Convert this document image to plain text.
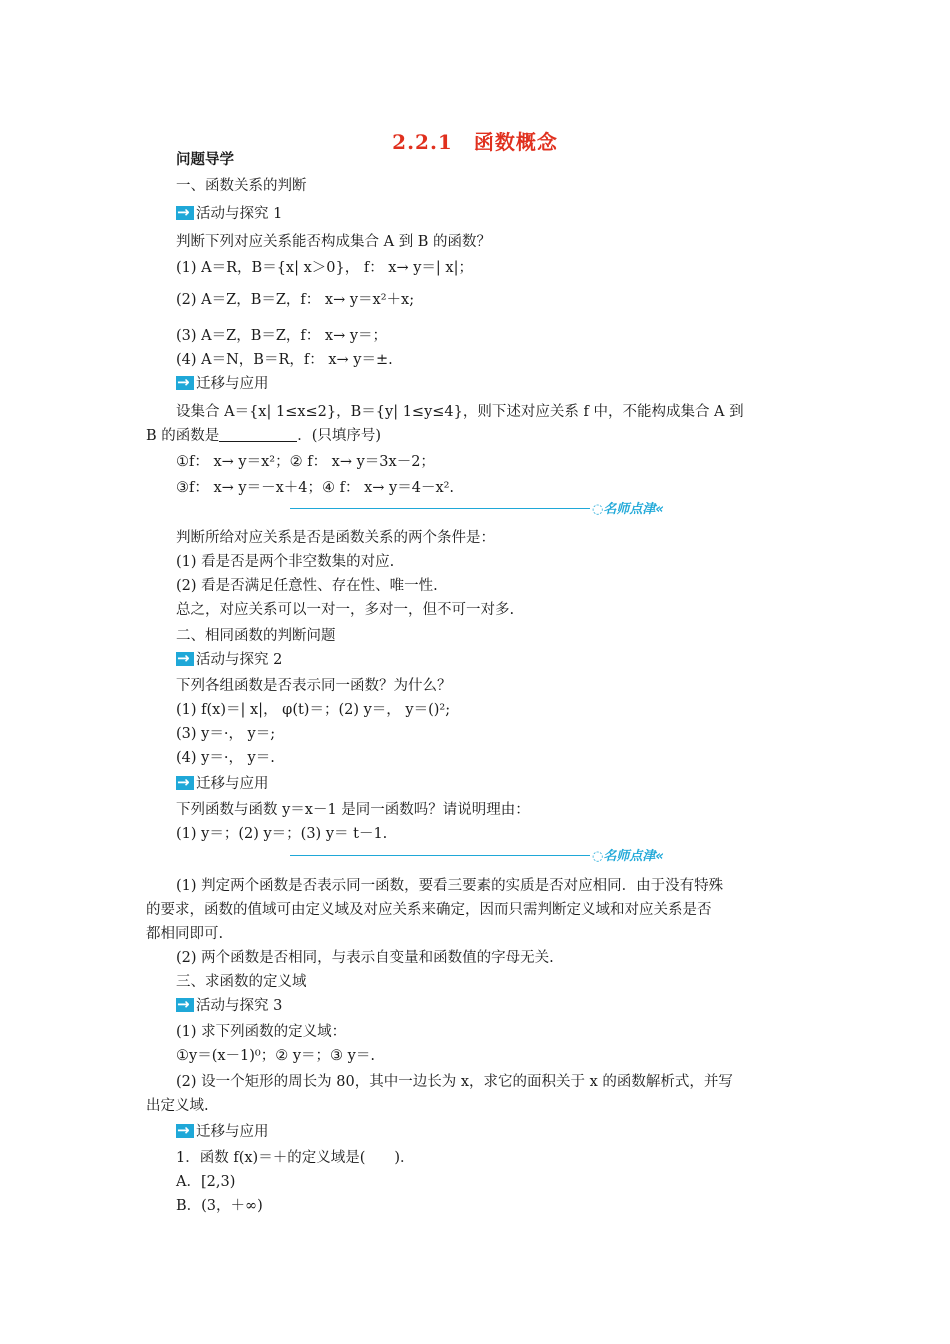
2.2.1　函数概念
问题导学
一、函数关系的判断
→活动与探究 1
判断下列对应关系能否构成集合 A 到 B 的函数？
(1) A＝R，B＝{x| x＞0}， f： x→ y＝| x|；
(2) A＝Z，B＝Z，f： x→ y＝x²＋x;
(3) A＝Z，B＝Z，f： x→ y＝；
(4) A＝N，B＝R，f： x→ y＝±.
→迁移与应用
设集合 A＝{x| 1≤x≤2}，B＝{y| 1≤y≤4}，则下述对应关系 f 中，不能构成集合 A 到
B 的函数是	．(只填序号)
①f： x→ y＝x²；② f： x→ y＝3x－2；
③f： x→ y＝－x＋4；④ f： x→ y＝4－x².
◌名师点津«
判断所给对应关系是否是函数关系的两个条件是：
(1) 看是否是两个非空数集的对应.
(2) 看是否满足任意性、存在性、唯一性.
总之，对应关系可以一对一，多对一，但不可一对多.
二、相同函数的判断问题
→活动与探究 2
下列各组函数是否表示同一函数？为什么？
(1) f(x)＝| x|， φ(t)＝；(2) y＝， y＝()²;
(3) y＝·， y＝;
(4) y＝·， y＝.
→迁移与应用
下列函数与函数 y＝x－1 是同一函数吗？请说明理由：
(1) y＝；(2) y＝；(3) y＝ t－1.
◌名师点津«
(1) 判定两个函数是否表示同一函数，要看三要素的实质是否对应相同．由于没有特殊
的要求，函数的值域可由定义域及对应关系来确定，因而只需判断定义域和对应关系是否
都相同即可.
(2) 两个函数是否相同，与表示自变量和函数值的字母无关.
三、求函数的定义域
→活动与探究 3
(1) 求下列函数的定义域：
①y＝(x－1)⁰；② y＝；③ y＝.
(2) 设一个矩形的周长为 80，其中一边长为 x，求它的面积关于 x 的函数解析式，并写
出定义域.
→迁移与应用
1．函数 f(x)＝＋的定义域是(　　)．
A．[2,3)
B．(3，＋∞)
